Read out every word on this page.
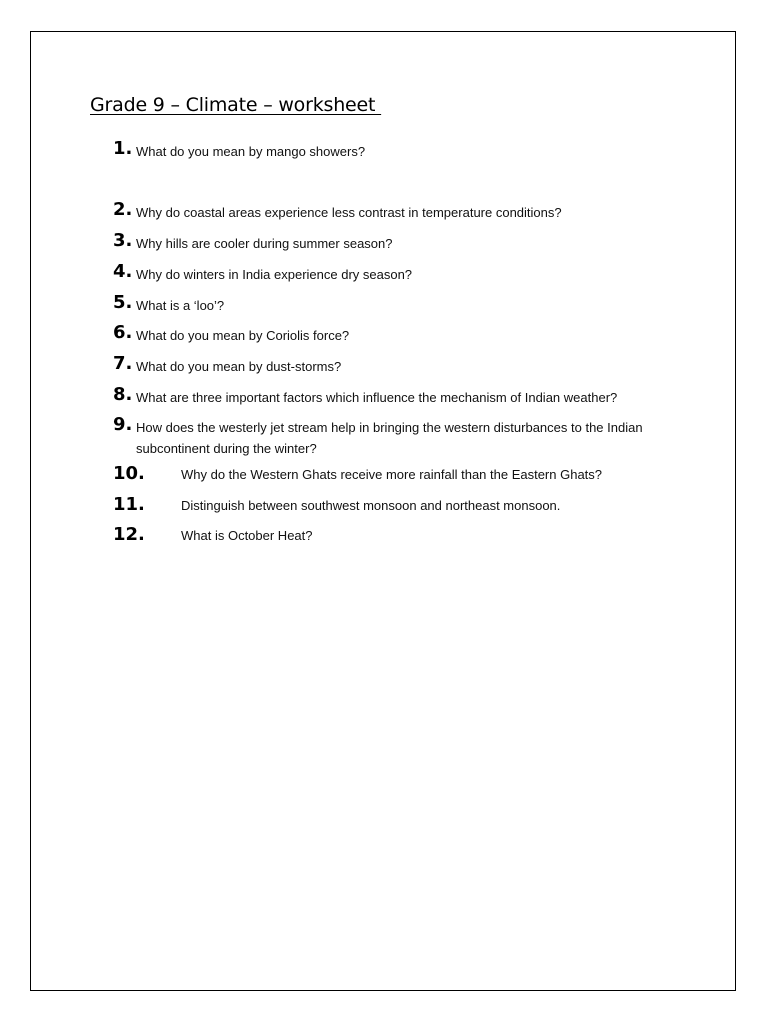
Grade 9 – Climate – worksheet
1. What do you mean by mango showers?
2. Why do coastal areas experience less contrast in temperature conditions?
3. Why hills are cooler during summer season?
4. Why do winters in India experience dry season?
5. What is a ‘loo’?
6. What do you mean by Coriolis force?
7. What do you mean by dust-storms?
8. What are three important factors which influence the mechanism of Indian weather?
9. How does the westerly jet stream help in bringing the western disturbances to the Indian subcontinent during the winter?
10.	Why do the Western Ghats receive more rainfall than the Eastern Ghats?
11.	Distinguish between southwest monsoon and northeast monsoon.
12.	What is October Heat?
